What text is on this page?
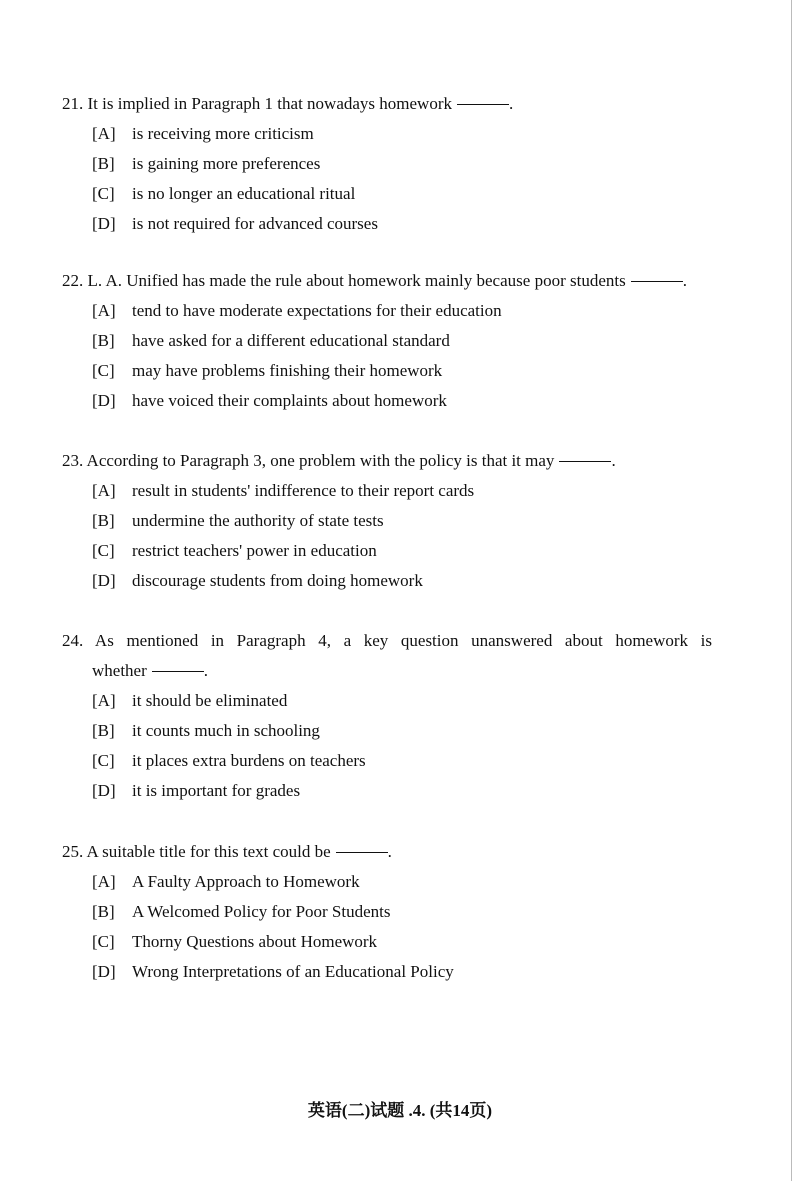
21. It is implied in Paragraph 1 that nowadays homework	.

[A] is receiving more criticism
[B] is gaining more preferences
[C] is no longer an educational ritual
[D] is not required for advanced courses

22. L. A. Unified has made the rule about homework mainly because poor students	.

[A] tend to have moderate expectations for their education
[B] have asked for a different educational standard
[C] may have problems finishing their homework
[D] have voiced their complaints about homework

23. According to Paragraph 3, one problem with the policy is that it may	.

[A] result in students' indifference to their report cards
[B] undermine the authority of state tests
[C] restrict teachers' power in education
[D] discourage students from doing homework

24. As mentioned in Paragraph 4, a key question unanswered about homework is

whether	.

[A] it should be eliminated
[B] it counts much in schooling
[C] it places extra burdens on teachers
[D] it is important for grades

25. A suitable title for this text could be	.

[A] A Faulty Approach to Homework
[B] A Welcomed Policy for Poor Students
[C] Thorny Questions about Homework
[D] Wrong Interpretations of an Educational Policy
英语(二)试题 .4. (共14页)
